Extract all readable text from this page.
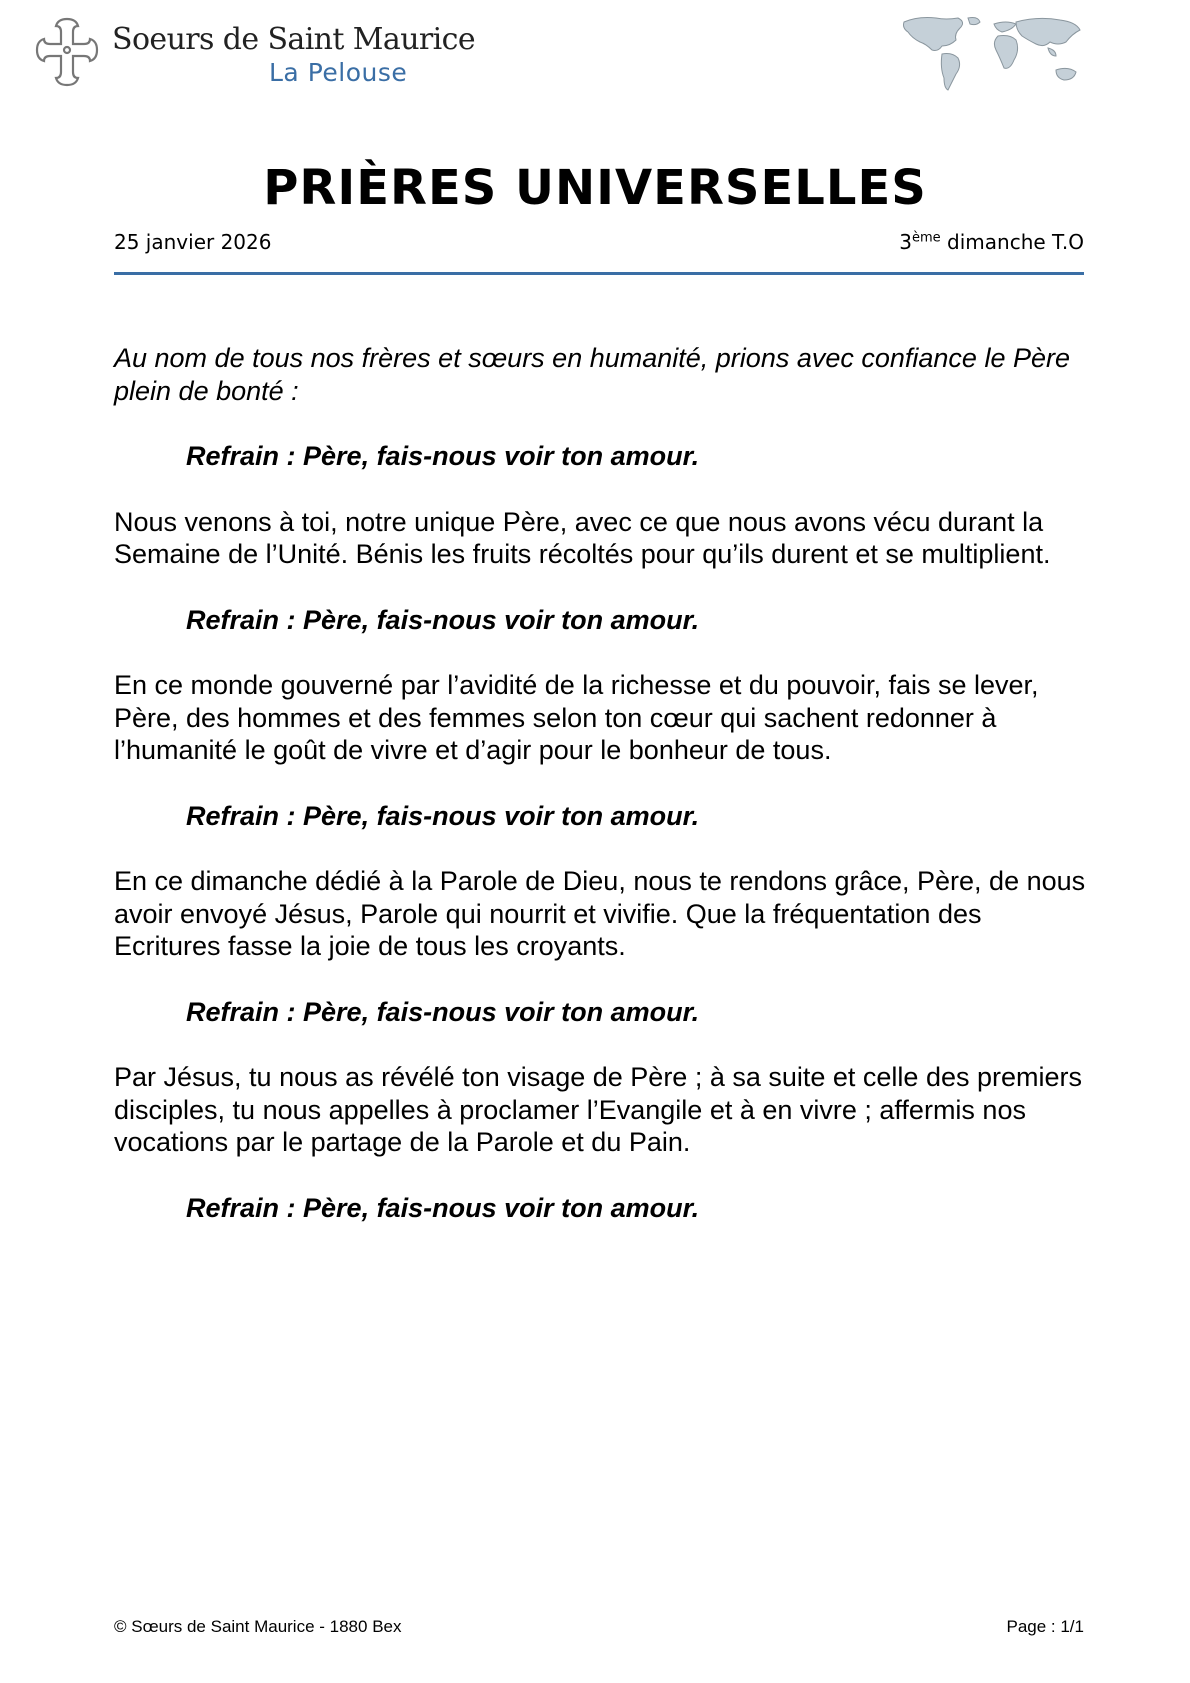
Soeurs de Saint Maurice
La Pelouse
PRIÈRES UNIVERSELLES
25 janvier 2026	3ème dimanche T.O

Au nom de tous nos frères et sœurs en humanité, prions avec confiance le Père plein de bonté :

Refrain : Père, fais-nous voir ton amour.

Nous venons à toi, notre unique Père, avec ce que nous avons vécu durant la Semaine de l’Unité. Bénis les fruits récoltés pour qu’ils durent et se multiplient.

Refrain : Père, fais-nous voir ton amour.

En ce monde gouverné par l’avidité de la richesse et du pouvoir, fais se lever, Père, des hommes et des femmes selon ton cœur qui sachent redonner à l’humanité le goût de vivre et d’agir pour le bonheur de tous.

Refrain : Père, fais-nous voir ton amour.

En ce dimanche dédié à la Parole de Dieu, nous te rendons grâce, Père, de nous avoir envoyé Jésus, Parole qui nourrit et vivifie. Que la fréquentation des Ecritures fasse la joie de tous les croyants.

Refrain : Père, fais-nous voir ton amour.

Par Jésus, tu nous as révélé ton visage de Père ; à sa suite et celle des premiers disciples, tu nous appelles à proclamer l’Evangile et à en vivre ; affermis nos vocations par le partage de la Parole et du Pain.

Refrain : Père, fais-nous voir ton amour.

© Sœurs de Saint Maurice - 1880 Bex	Page : 1/1
